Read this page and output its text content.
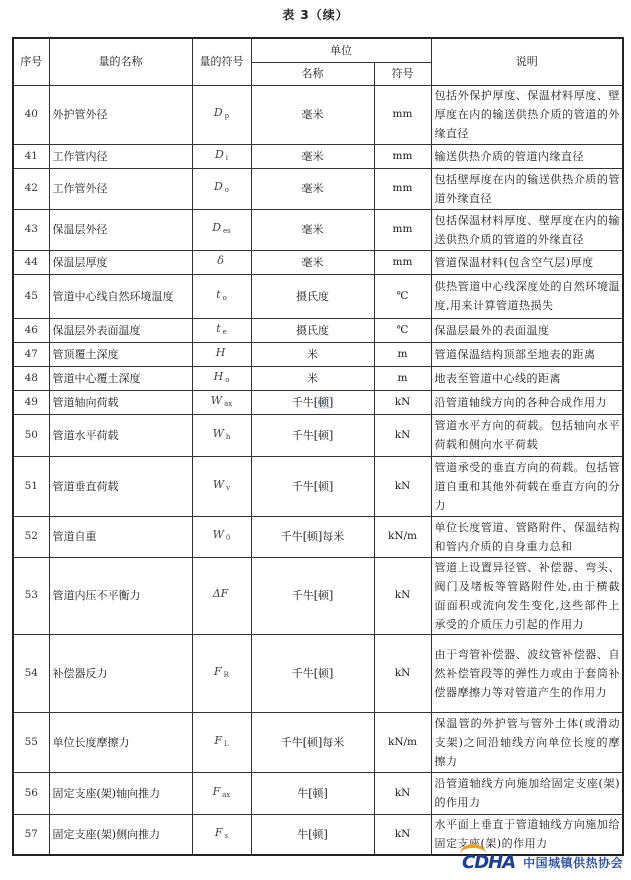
表 3（续）
序号	量的名称	量的符号	单位		说明
			名称	符号	
40	外护管外径	D $_p$	毫米	mm	包括外保护厚度、保温材料厚度、壁厚度在内的输送供热介质的管道的外缘直径
41	工作管内径	D $_i$	毫米	mm	输送供热介质的管道内缘直径
42	工作管外径	D $_o$	毫米	mm	包括壁厚度在内的输送供热介质的管道外缘直径
43	保温层外径	D $_{es}$	毫米	mm	包括保温材料厚度、壁厚度在内的输送供热介质的管道的外缘直径
44	保温层厚度	δ	毫米	mm	管道保温材料(包含空气层)厚度
45	管道中心线自然环境温度	t $_o$	摄氏度	℃	供热管道中心线深度处的自然环境温度,用来计算管道热损失
46	保温层外表面温度	t $_e$	摄氏度	℃	保温层最外的表面温度
47	管顶覆土深度	H	米	m	管道保温结构顶部至地表的距离
48	管道中心覆土深度	H $_o$	米	m	地表至管道中心线的距离
49	管道轴向荷载	W $_{ax}$	千牛[顿]	kN	沿管道轴线方向的各种合成作用力
50	管道水平荷载	W $_h$	千牛[顿]	kN	管道水平方向的荷载。包括轴向水平荷载和侧向水平荷载
51	管道垂直荷载	W $_v$	千牛[顿]	kN	管道承受的垂直方向的荷载。包括管道自重和其他外荷载在垂直方向的分力
52	管道自重	W $_0$	千牛[顿]每米	kN/m	单位长度管道、管路附件、保温结构和管内介质的自身重力总和
53	管道内压不平衡力	ΔF	千牛[顿]	kN	管道上设置异径管、补偿器、弯头、阀门及堵板等管路附件处,由于横截面面积或流向发生变化,这些部件上承受的介质压力引起的作用力
54	补偿器反力	F $_R$	千牛[顿]	kN	由于弯管补偿器、波纹管补偿器、自然补偿管段等的弹性力或由于套筒补偿器摩擦力等对管道产生的作用力
55	单位长度摩擦力	F $_L$	千牛[顿]每米	kN/m	保温管的外护管与管外土体(或滑动支架)之间沿轴线方向单位长度的摩擦力
56	固定支座(架)轴向推力	F $_{ax}$	牛[顿]	kN	沿管道轴线方向施加给固定支座(架)的作用力
57	固定支座(架)侧向推力	F $_s$	牛[顿]	kN	水平面上垂直于管道轴线方向施加给固定支座(架)的作用力
CDHA 中国城镇供热协会
